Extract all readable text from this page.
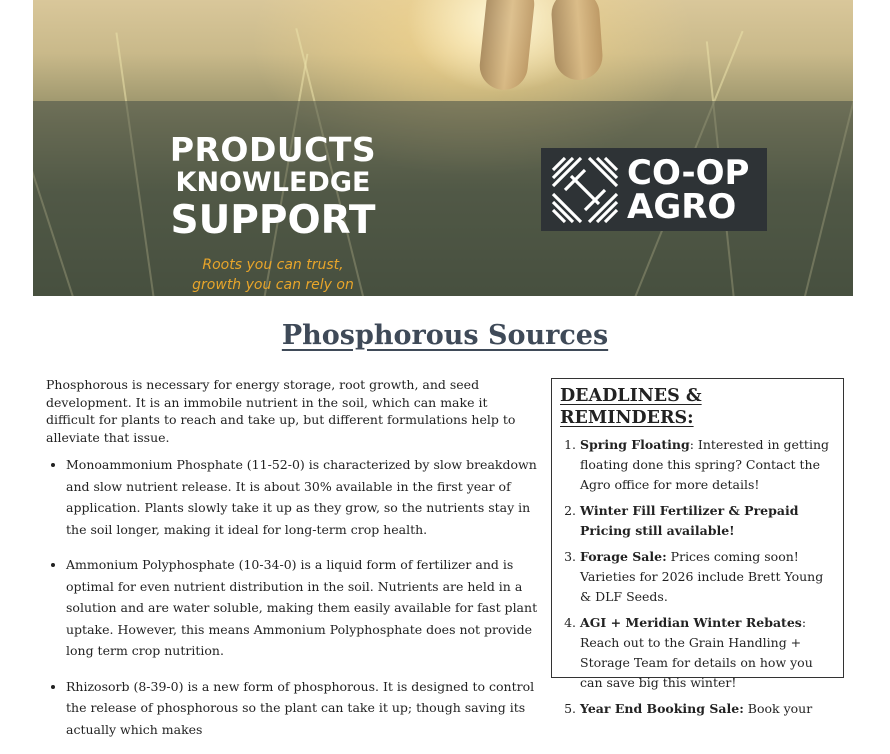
PRODUCTS
KNOWLEDGE
SUPPORT
Roots you can trust,
growth you can rely on
CO-OP
AGRO
Phosphorous Sources

Phosphorous is necessary for energy storage, root growth, and seed development. It is an immobile nutrient in the soil, which can make it difficult for plants to reach and take up, but different formulations help to alleviate that issue.

• Monoammonium Phosphate (11-52-0) is characterized by slow breakdown and slow nutrient release. It is about 30% available in the first year of application. Plants slowly take it up as they grow, so the nutrients stay in the soil longer, making it ideal for long-term crop health.
• Ammonium Polyphosphate (10-34-0) is a liquid form of fertilizer and is optimal for even nutrient distribution in the soil. Nutrients are held in a solution and are water soluble, making them easily available for fast plant uptake. However, this means Ammonium Polyphosphate does not provide long term crop nutrition.
• Rhizosorb (8-39-0) is a new form of phosphorous. It is designed to control the release of phosphorous so the plant can take it up; though saving its actually which makes
DEADLINES & REMINDERS:
1. Spring Floating: Interested in getting floating done this spring? Contact the Agro office for more details!
2. Winter Fill Fertilizer & Prepaid Pricing still available!
3. Forage Sale: Prices coming soon! Varieties for 2026 include Brett Young & DLF Seeds.
4. AGI + Meridian Winter Rebates: Reach out to the Grain Handling + Storage Team for details on how you can save big this winter!
5. Year End Booking Sale: Book your
